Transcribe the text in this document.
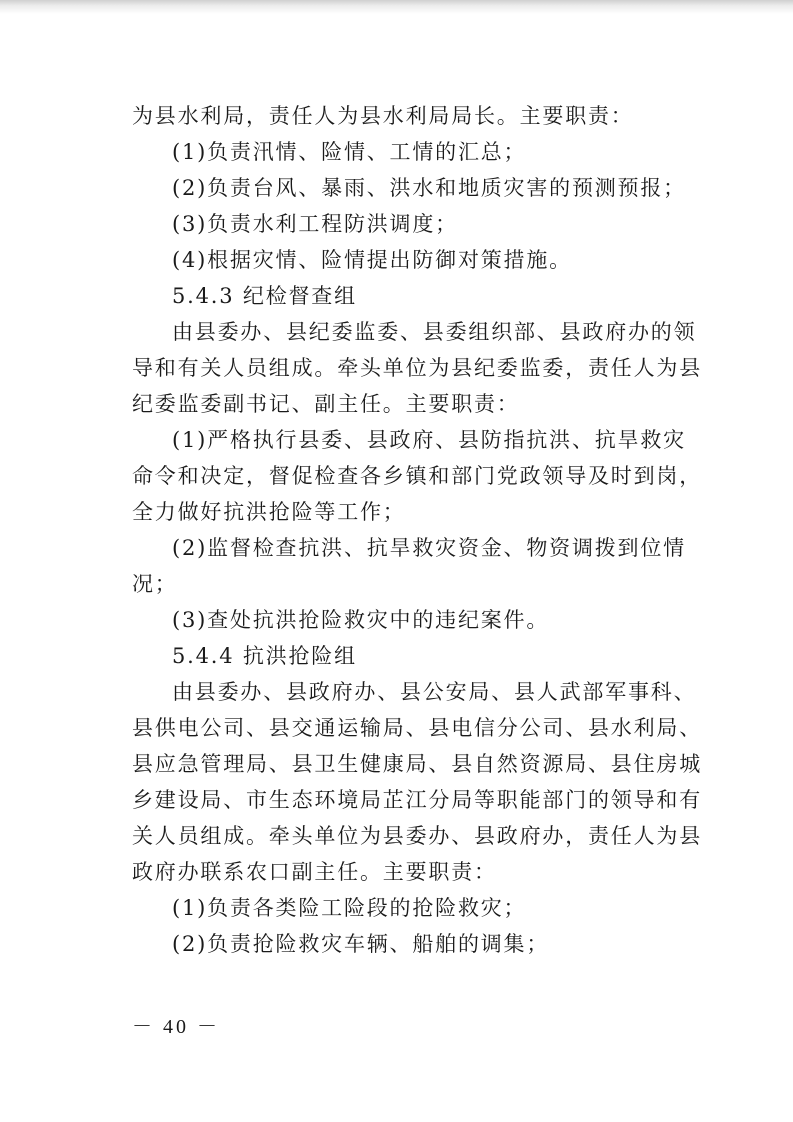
为县水利局，责任人为县水利局局长。主要职责：
(1)负责汛情、险情、工情的汇总；
(2)负责台风、暴雨、洪水和地质灾害的预测预报；
(3)负责水利工程防洪调度；
(4)根据灾情、险情提出防御对策措施。
5.4.3 纪检督查组
由县委办、县纪委监委、县委组织部、县政府办的领
导和有关人员组成。牵头单位为县纪委监委，责任人为县
纪委监委副书记、副主任。主要职责：
(1)严格执行县委、县政府、县防指抗洪、抗旱救灾
命令和决定，督促检查各乡镇和部门党政领导及时到岗，
全力做好抗洪抢险等工作；
(2)监督检查抗洪、抗旱救灾资金、物资调拨到位情
况；
(3)查处抗洪抢险救灾中的违纪案件。
5.4.4 抗洪抢险组
由县委办、县政府办、县公安局、县人武部军事科、
县供电公司、县交通运输局、县电信分公司、县水利局、
县应急管理局、县卫生健康局、县自然资源局、县住房城
乡建设局、市生态环境局芷江分局等职能部门的领导和有
关人员组成。牵头单位为县委办、县政府办，责任人为县
政府办联系农口副主任。主要职责：
(1)负责各类险工险段的抢险救灾；
(2)负责抢险救灾车辆、船舶的调集；
－ 40 －
